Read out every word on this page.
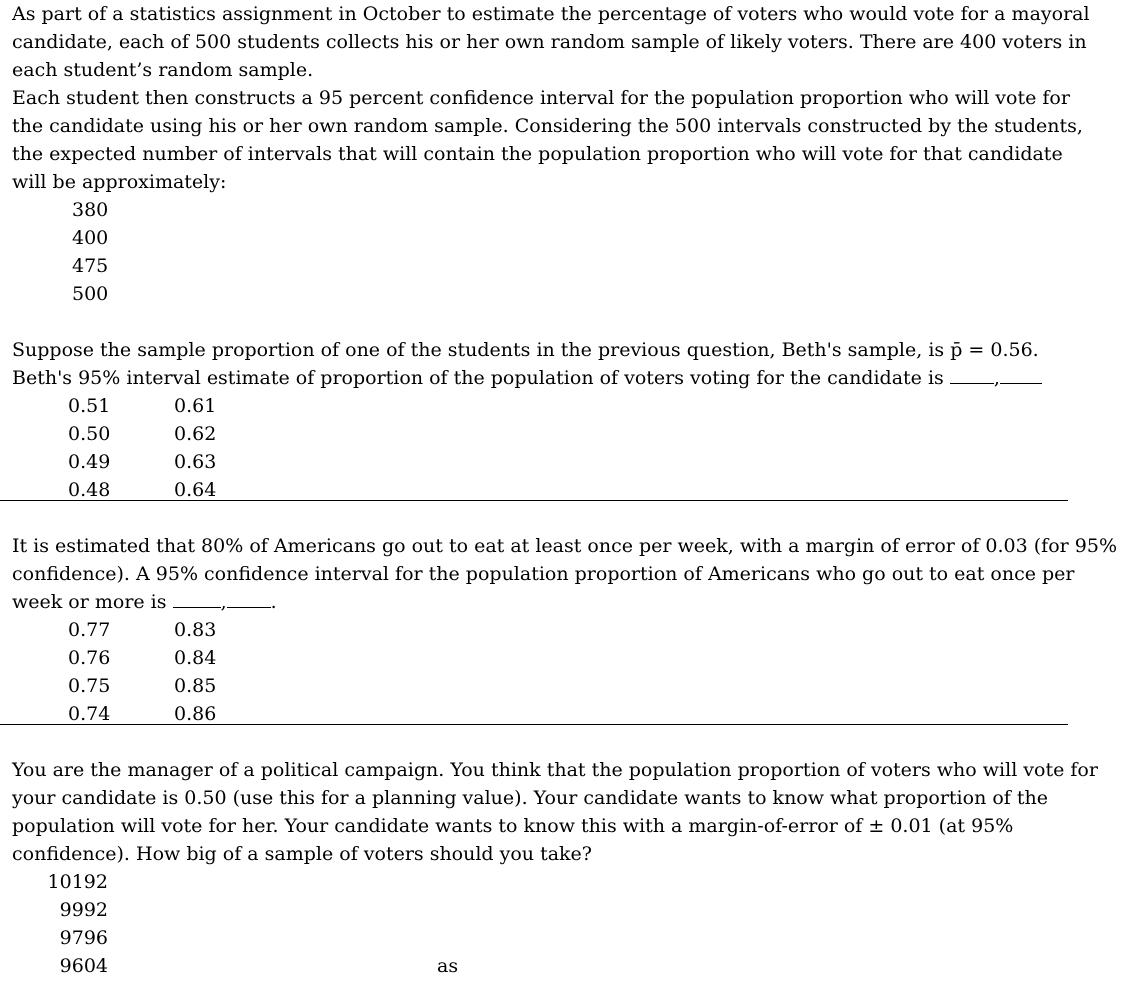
As part of a statistics assignment in October to estimate the percentage of voters who would vote for a mayoral
candidate, each of 500 students collects his or her own random sample of likely voters. There are 400 voters in
each student’s random sample.
Each student then constructs a 95 percent confidence interval for the population proportion who will vote for
the candidate using his or her own random sample. Considering the 500 intervals constructed by the students,
the expected number of intervals that will contain the population proportion who will vote for that candidate
will be approximately:
380
400
475
500
Suppose the sample proportion of one of the students in the previous question, Beth's sample, is p̄ = 0.56.
Beth's 95% interval estimate of proportion of the population of voters voting for the candidate is	,
0.51	0.61
0.50	0.62
0.49	0.63
0.48	0.64
It is estimated that 80% of Americans go out to eat at least once per week, with a margin of error of 0.03 (for 95%
confidence). A 95% confidence interval for the population proportion of Americans who go out to eat once per
week or more is	, .
0.77	0.83
0.76	0.84
0.75	0.85
0.74	0.86
You are the manager of a political campaign. You think that the population proportion of voters who will vote for
your candidate is 0.50 (use this for a planning value). Your candidate wants to know what proportion of the
population will vote for her. Your candidate wants to know this with a margin-of-error of ± 0.01 (at 95%
confidence). How big of a sample of voters should you take?
10192
9992
9796
9604	as
